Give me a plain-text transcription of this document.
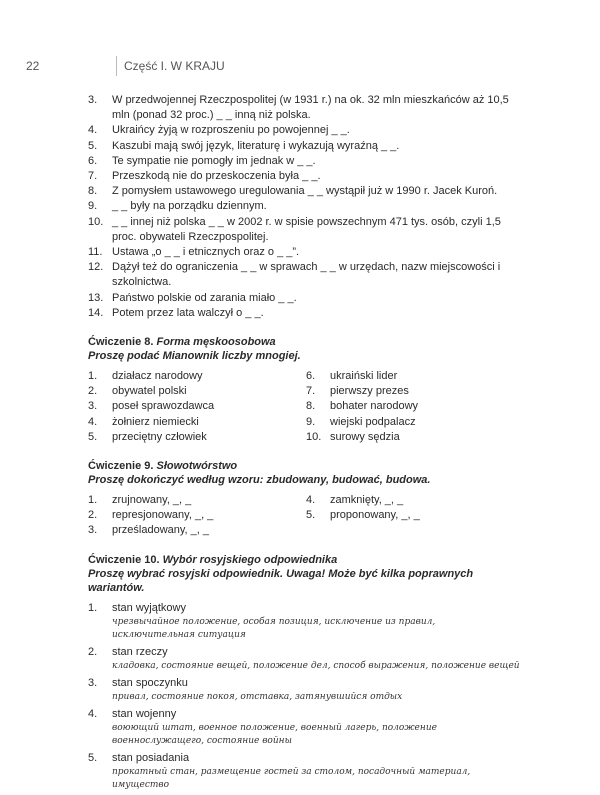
22	Część I. W KRAJU
3.	W przedwojennej Rzeczpospolitej (w 1931 r.) na ok. 32 mln mieszkańców aż 10,5 mln (ponad 32 proc.) _ _ inną niż polska.
4.	Ukraińcy żyją w rozproszeniu po powojennej _ _.
5.	Kaszubi mają swój język, literaturę i wykazują wyraźną _ _.
6.	Te sympatie nie pomogły im jednak w _ _.
7.	Przeszkodą nie do przeskoczenia była _ _.
8.	Z pomysłem ustawowego uregulowania _ _ wystąpił już w 1990 r. Jacek Kuroń.
9.	_ _ były na porządku dziennym.
10. _ _ innej niż polska _ _ w 2002 r. w spisie powszechnym 471 tys. osób, czyli 1,5 proc. obywateli Rzeczpospolitej.
11. Ustawa „o _ _ i etnicznych oraz o _ _”.
12. Dążył też do ograniczenia _ _ w sprawach _ _ w urzędach, nazw miejscowości i szkolnictwa.
13. Państwo polskie od zarania miało _ _.
14. Potem przez lata walczył o _ _.
Ćwiczenie 8. Forma męskoosobowa
Proszę podać Mianownik liczby mnogiej.
1.	działacz narodowy	6.	ukraiński lider
2.	obywatel polski	7.	pierwszy prezes
3.	poseł sprawozdawca	8.	bohater narodowy
4.	żołnierz niemiecki	9.	wiejski podpalacz
5.	przeciętny człowiek	10. surowy sędzia
Ćwiczenie 9. Słowotwórstwo
Proszę dokończyć według wzoru: zbudowany, budować, budowa.
1.	zrujnowany, _, _	4.	zamknięty, _, _
2.	represjonowany, _, _	5.	proponowany, _, _
3.	prześladowany, _, _
Ćwiczenie 10. Wybór rosyjskiego odpowiednika
Proszę wybrać rosyjski odpowiednik. Uwaga! Może być kilka poprawnych wariantów.
1.	stan wyjątkowy
чрезвычайное положение, особая позиция, исключение из правил, исключительная ситуация
2.	stan rzeczy
кладовка, состояние вещей, положение дел, способ выражения, положение вещей
3.	stan spoczynku
привал, состояние покоя, отставка, затянувшийся отдых
4.	stan wojenny
воюющий штат, военное положение, военный лагерь, положение военнослужащего, состояние войны
5.	stan posiadania
прокатный стан, размещение гостей за столом, посадочный материал, имущество
